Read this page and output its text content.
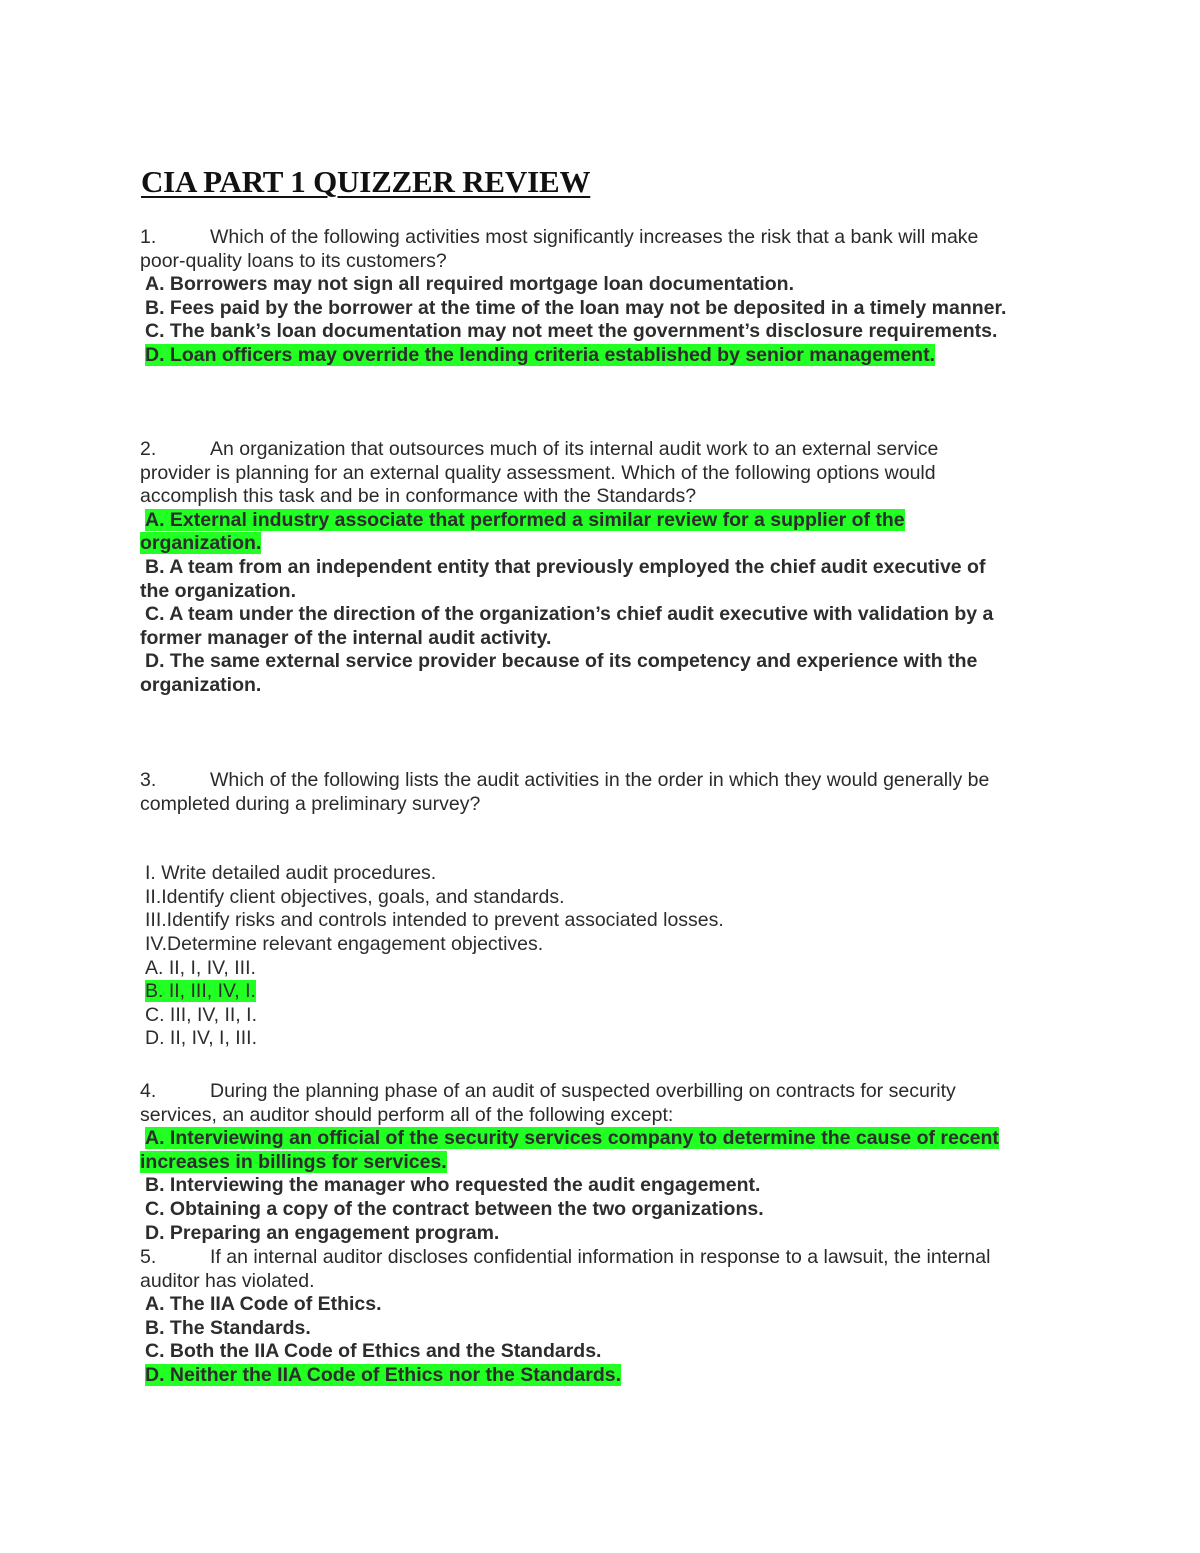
CIA PART 1 QUIZZER REVIEW

1.	Which of the following activities most significantly increases the risk that a bank will make

poor-quality loans to its customers?

A. Borrowers may not sign all required mortgage loan documentation.

B. Fees paid by the borrower at the time of the loan may not be deposited in a timely manner.

C. The bank’s loan documentation may not meet the government’s disclosure requirements.

D. Loan officers may override the lending criteria established by senior management.

2.	An organization that outsources much of its internal audit work to an external service

provider is planning for an external quality assessment. Which of the following options would

accomplish this task and be in conformance with the Standards?

A. External industry associate that performed a similar review for a supplier of the

organization.

B. A team from an independent entity that previously employed the chief audit executive of

the organization.

C. A team under the direction of the organization’s chief audit executive with validation by a

former manager of the internal audit activity.

D. The same external service provider because of its competency and experience with the

organization.

3.	Which of the following lists the audit activities in the order in which they would generally be

completed during a preliminary survey?

I. Write detailed audit procedures.

II.Identify client objectives, goals, and standards.

III.Identify risks and controls intended to prevent associated losses.

IV.Determine relevant engagement objectives.

A. II, I, IV, III.

B. II, III, IV, I.

C. III, IV, II, I.

D. II, IV, I, III.

4.	During the planning phase of an audit of suspected overbilling on contracts for security

services, an auditor should perform all of the following except:

A. Interviewing an official of the security services company to determine the cause of recent

increases in billings for services.

B. Interviewing the manager who requested the audit engagement.

C. Obtaining a copy of the contract between the two organizations.

D. Preparing an engagement program.

5.	If an internal auditor discloses confidential information in response to a lawsuit, the internal

auditor has violated.

A. The IIA Code of Ethics.

B. The Standards.

C. Both the IIA Code of Ethics and the Standards.

D. Neither the IIA Code of Ethics nor the Standards.
